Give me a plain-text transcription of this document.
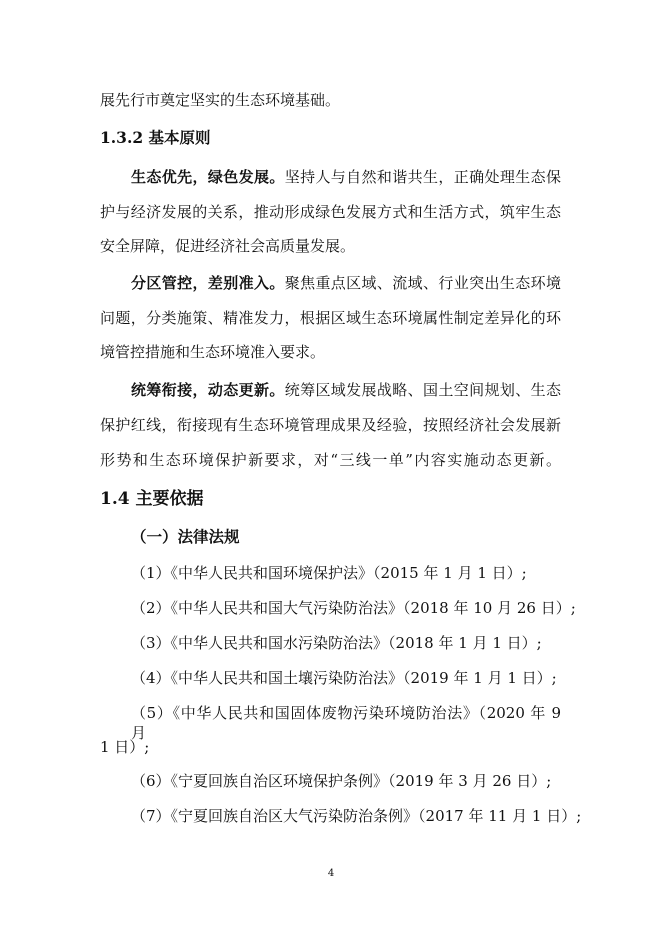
展先行市奠定坚实的生态环境基础。
1.3.2 基本原则
生态优先，绿色发展。坚持人与自然和谐共生，正确处理生态保
护与经济发展的关系，推动形成绿色发展方式和生活方式，筑牢生态
安全屏障，促进经济社会高质量发展。
分区管控，差别准入。聚焦重点区域、流域、行业突出生态环境
问题，分类施策、精准发力，根据区域生态环境属性制定差异化的环
境管控措施和生态环境准入要求。
统筹衔接，动态更新。统筹区域发展战略、国土空间规划、生态
保护红线，衔接现有生态环境管理成果及经验，按照经济社会发展新
形势和生态环境保护新要求，对“三线一单”内容实施动态更新。
1.4 主要依据
（一）法律法规
（1）《中华人民共和国环境保护法》（2015 年 1 月 1 日）;
（2）《中华人民共和国大气污染防治法》（2018 年 10 月 26 日）;
（3）《中华人民共和国水污染防治法》（2018 年 1 月 1 日）;
（4）《中华人民共和国土壤污染防治法》（2019 年 1 月 1 日）;
（5）《中华人民共和国固体废物污染环境防治法》（2020 年 9 月
1 日）;
（6）《宁夏回族自治区环境保护条例》（2019 年 3 月 26 日）;
（7）《宁夏回族自治区大气污染防治条例》（2017 年 11 月 1 日）;
4
